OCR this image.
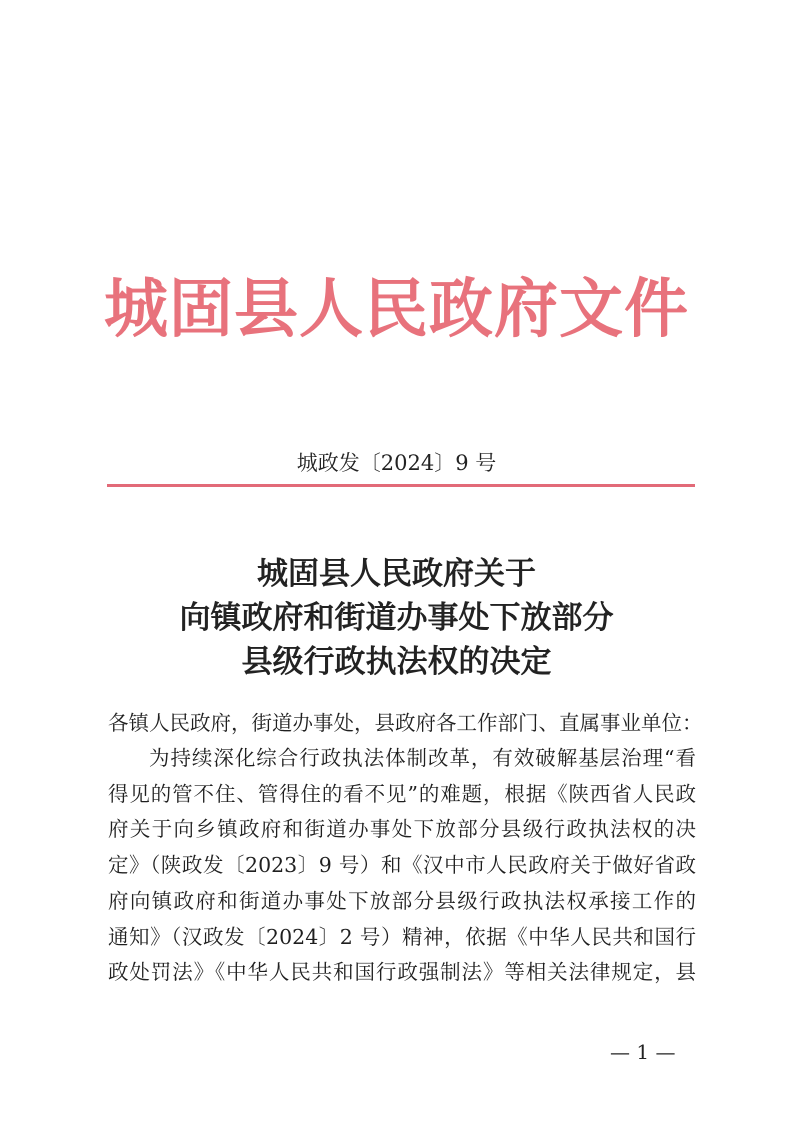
城固县人民政府文件
城政发〔2024〕9 号
城固县人民政府关于
向镇政府和街道办事处下放部分
县级行政执法权的决定
各镇人民政府，街道办事处，县政府各工作部门、直属事业单位：
为持续深化综合行政执法体制改革，有效破解基层治理“看
得见的管不住、管得住的看不见”的难题，根据《陕西省人民政
府关于向乡镇政府和街道办事处下放部分县级行政执法权的决
定》（陕政发〔2023〕9 号）和《汉中市人民政府关于做好省政
府向镇政府和街道办事处下放部分县级行政执法权承接工作的
通知》（汉政发〔2024〕2 号）精神，依据《中华人民共和国行
政处罚法》《中华人民共和国行政强制法》等相关法律规定，县
— 1 —
